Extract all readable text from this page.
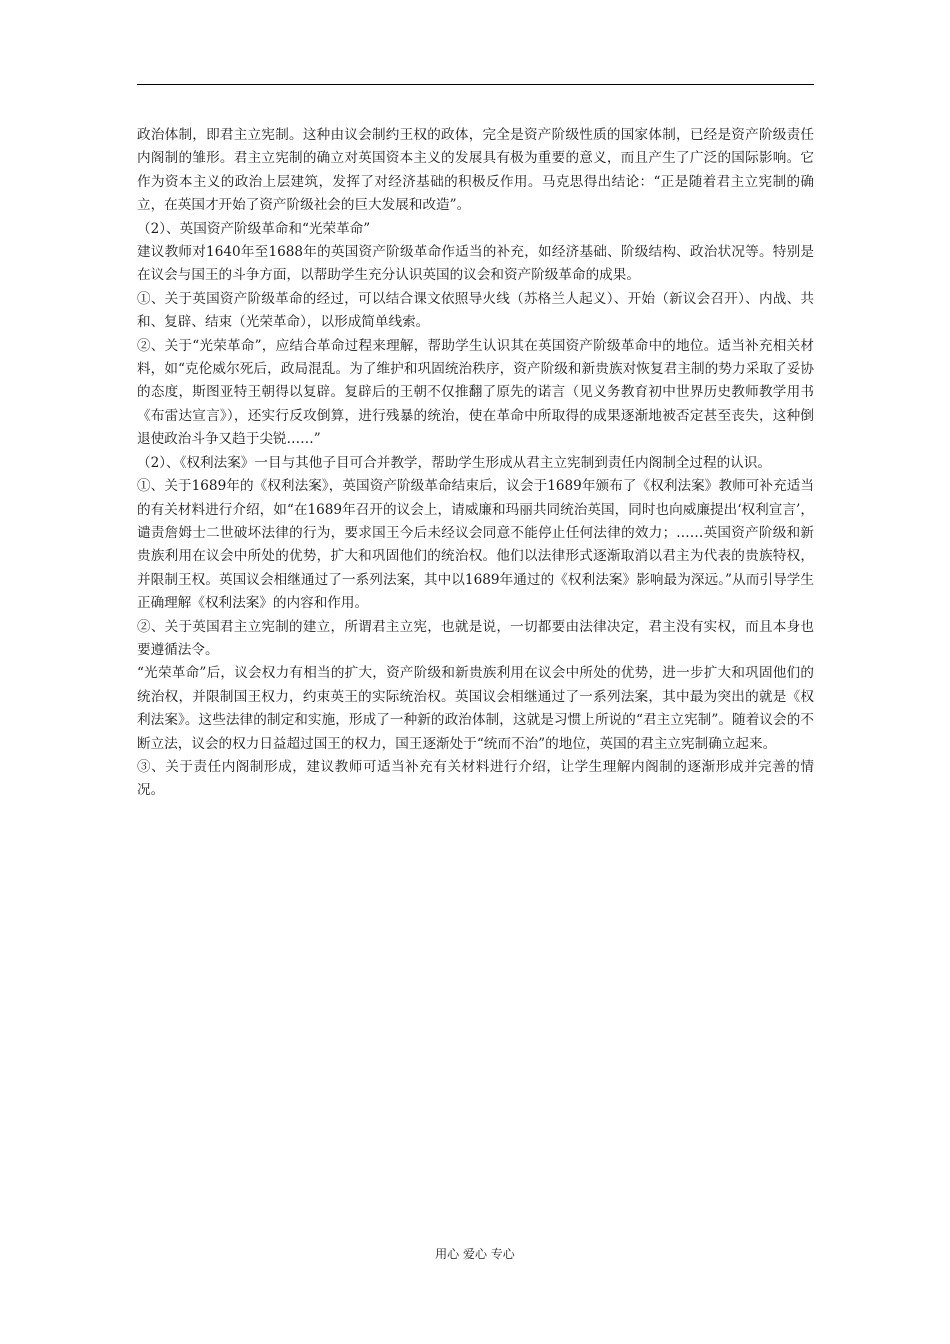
政治体制，即君主立宪制。这种由议会制约王权的政体，完全是资产阶级性质的国家体制，已经是资产阶级责任内阁制的雏形。君主立宪制的确立对英国资本主义的发展具有极为重要的意义，而且产生了广泛的国际影响。它作为资本主义的政治上层建筑，发挥了对经济基础的积极反作用。马克思得出结论：“正是随着君主立宪制的确立，在英国才开始了资产阶级社会的巨大发展和改造”。

（2）、英国资产阶级革命和“光荣革命”

建议教师对1640年至1688年的英国资产阶级革命作适当的补充，如经济基础、阶级结构、政治状况等。特别是在议会与国王的斗争方面，以帮助学生充分认识英国的议会和资产阶级革命的成果。

①、关于英国资产阶级革命的经过，可以结合课文依照导火线（苏格兰人起义）、开始（新议会召开）、内战、共和、复辟、结束（光荣革命），以形成简单线索。

②、关于“光荣革命”，应结合革命过程来理解，帮助学生认识其在英国资产阶级革命中的地位。适当补充相关材料，如“克伦威尔死后，政局混乱。为了维护和巩固统治秩序，资产阶级和新贵族对恢复君主制的势力采取了妥协的态度，斯图亚特王朝得以复辟。复辟后的王朝不仅推翻了原先的诺言（见义务教育初中世界历史教师教学用书《布雷达宣言》），还实行反攻倒算，进行残暴的统治，使在革命中所取得的成果逐渐地被否定甚至丧失，这种倒退使政治斗争又趋于尖锐……”

（2）、《权利法案》一目与其他子目可合并教学，帮助学生形成从君主立宪制到责任内阁制全过程的认识。

①、关于1689年的《权利法案》，英国资产阶级革命结束后，议会于1689年颁布了《权利法案》教师可补充适当的有关材料进行介绍，如“在1689年召开的议会上，请威廉和玛丽共同统治英国，同时也向威廉提出‘权利宣言’，谴责詹姆士二世破坏法律的行为，要求国王今后未经议会同意不能停止任何法律的效力；……英国资产阶级和新贵族利用在议会中所处的优势，扩大和巩固他们的统治权。他们以法律形式逐渐取消以君主为代表的贵族特权，并限制王权。英国议会相继通过了一系列法案，其中以1689年通过的《权利法案》影响最为深远。”从而引导学生正确理解《权利法案》的内容和作用。

②、关于英国君主立宪制的建立，所谓君主立宪，也就是说，一切都要由法律决定，君主没有实权，而且本身也要遵循法令。

“光荣革命”后，议会权力有相当的扩大，资产阶级和新贵族利用在议会中所处的优势，进一步扩大和巩固他们的统治权，并限制国王权力，约束英王的实际统治权。英国议会相继通过了一系列法案，其中最为突出的就是《权利法案》。这些法律的制定和实施，形成了一种新的政治体制，这就是习惯上所说的“君主立宪制”。随着议会的不断立法，议会的权力日益超过国王的权力，国王逐渐处于“统而不治”的地位，英国的君主立宪制确立起来。

③、关于责任内阁制形成，建议教师可适当补充有关材料进行介绍，让学生理解内阁制的逐渐形成并完善的情况。

用心 爱心 专心
